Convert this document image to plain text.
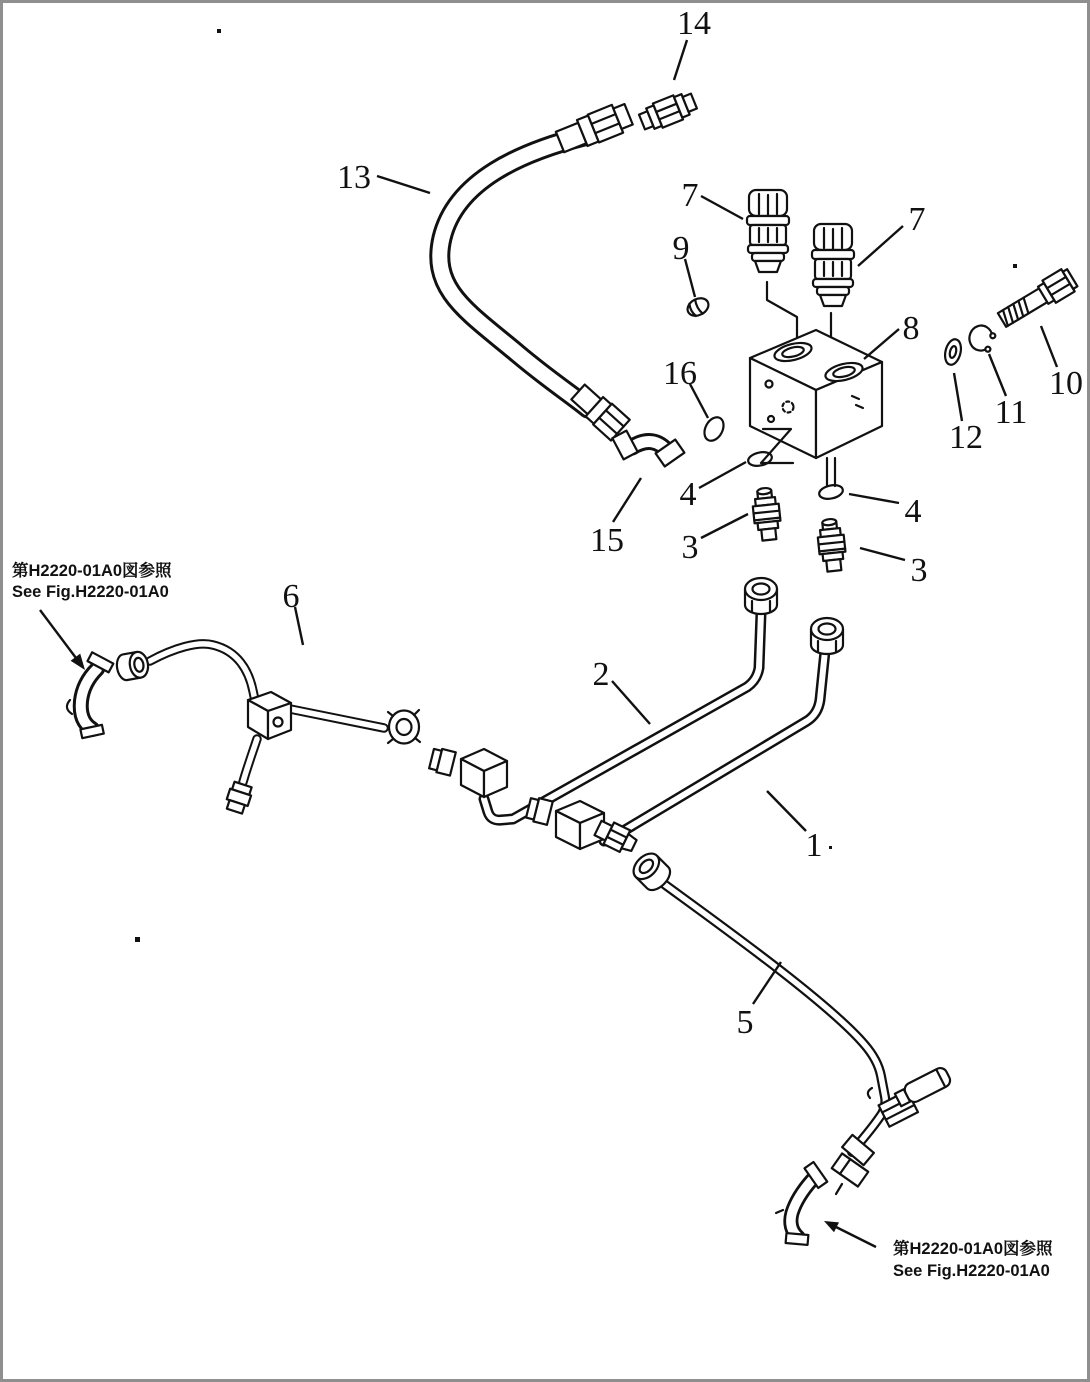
14
13	7
7
9
8
16	10
11
12
4	4
15 3
3
6
2
1
5
第H2220-01A0図参照
See Fig.H2220-01A0
第H2220-01A0図参照
See Fig.H2220-01A0
